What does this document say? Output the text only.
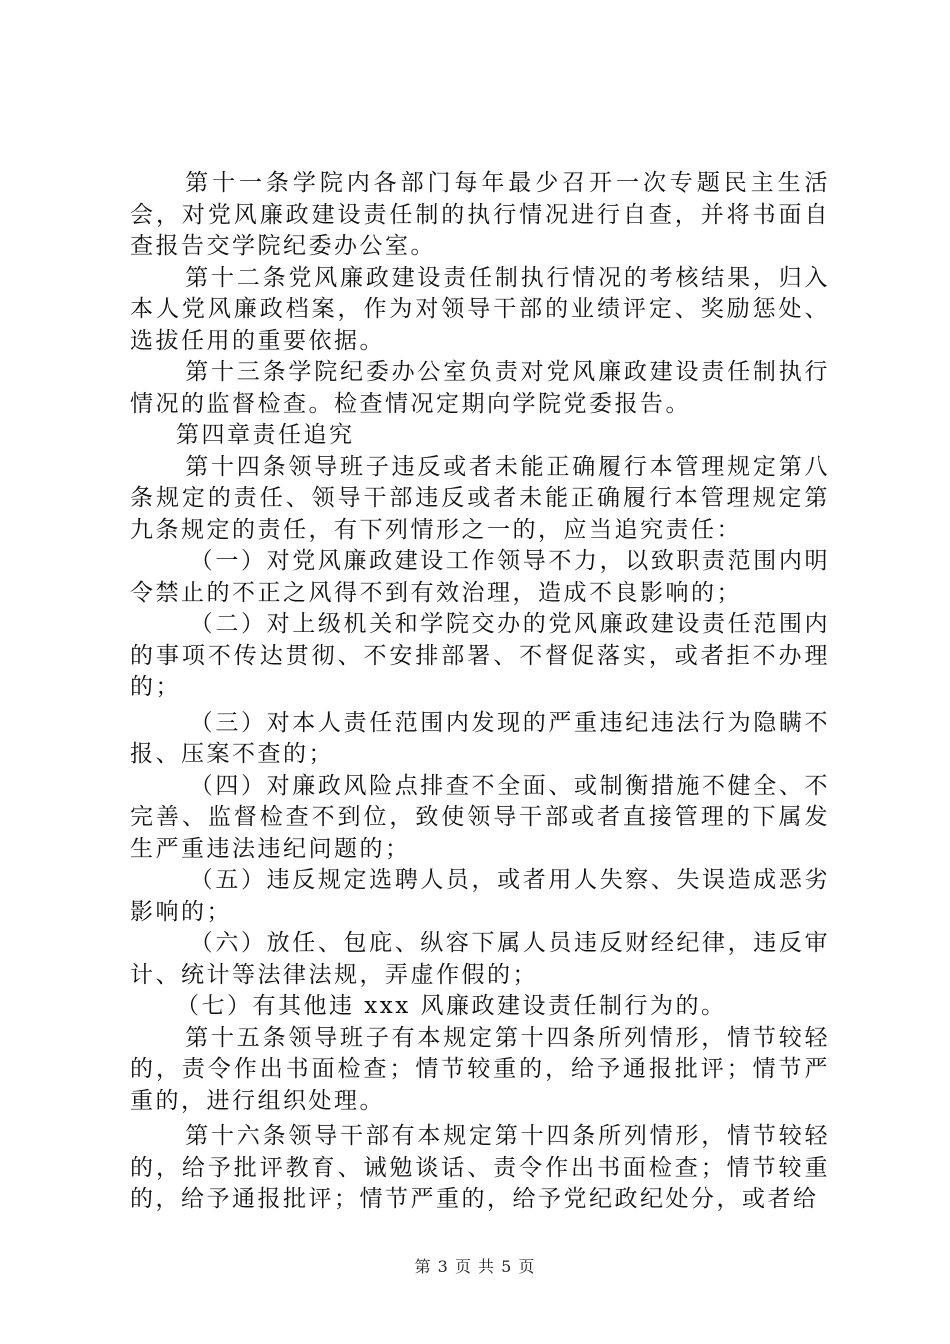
第十一条学院内各部门每年最少召开一次专题民主生活会，对党风廉政建设责任制的执行情况进行自查，并将书面自查报告交学院纪委办公室。

第十二条党风廉政建设责任制执行情况的考核结果，归入本人党风廉政档案，作为对领导干部的业绩评定、奖励惩处、选拔任用的重要依据。

第十三条学院纪委办公室负责对党风廉政建设责任制执行情况的监督检查。检查情况定期向学院党委报告。

第四章责任追究

第十四条领导班子违反或者未能正确履行本管理规定第八条规定的责任、领导干部违反或者未能正确履行本管理规定第九条规定的责任，有下列情形之一的，应当追究责任：

（一）对党风廉政建设工作领导不力，以致职责范围内明令禁止的不正之风得不到有效治理，造成不良影响的；

（二）对上级机关和学院交办的党风廉政建设责任范围内的事项不传达贯彻、不安排部署、不督促落实，或者拒不办理的；

（三）对本人责任范围内发现的严重违纪违法行为隐瞒不报、压案不查的；

（四）对廉政风险点排查不全面、或制衡措施不健全、不完善、监督检查不到位，致使领导干部或者直接管理的下属发生严重违法违纪问题的；

（五）违反规定选聘人员，或者用人失察、失误造成恶劣影响的；

（六）放任、包庇、纵容下属人员违反财经纪律，违反审计、统计等法律法规，弄虚作假的；

（七）有其他违 xxx 风廉政建设责任制行为的。

第十五条领导班子有本规定第十四条所列情形，情节较轻的，责令作出书面检查；情节较重的，给予通报批评；情节严重的，进行组织处理。

第十六条领导干部有本规定第十四条所列情形，情节较轻的，给予批评教育、诫勉谈话、责令作出书面检查；情节较重的，给予通报批评；情节严重的，给予党纪政纪处分，或者给

第 3 页 共 5 页
